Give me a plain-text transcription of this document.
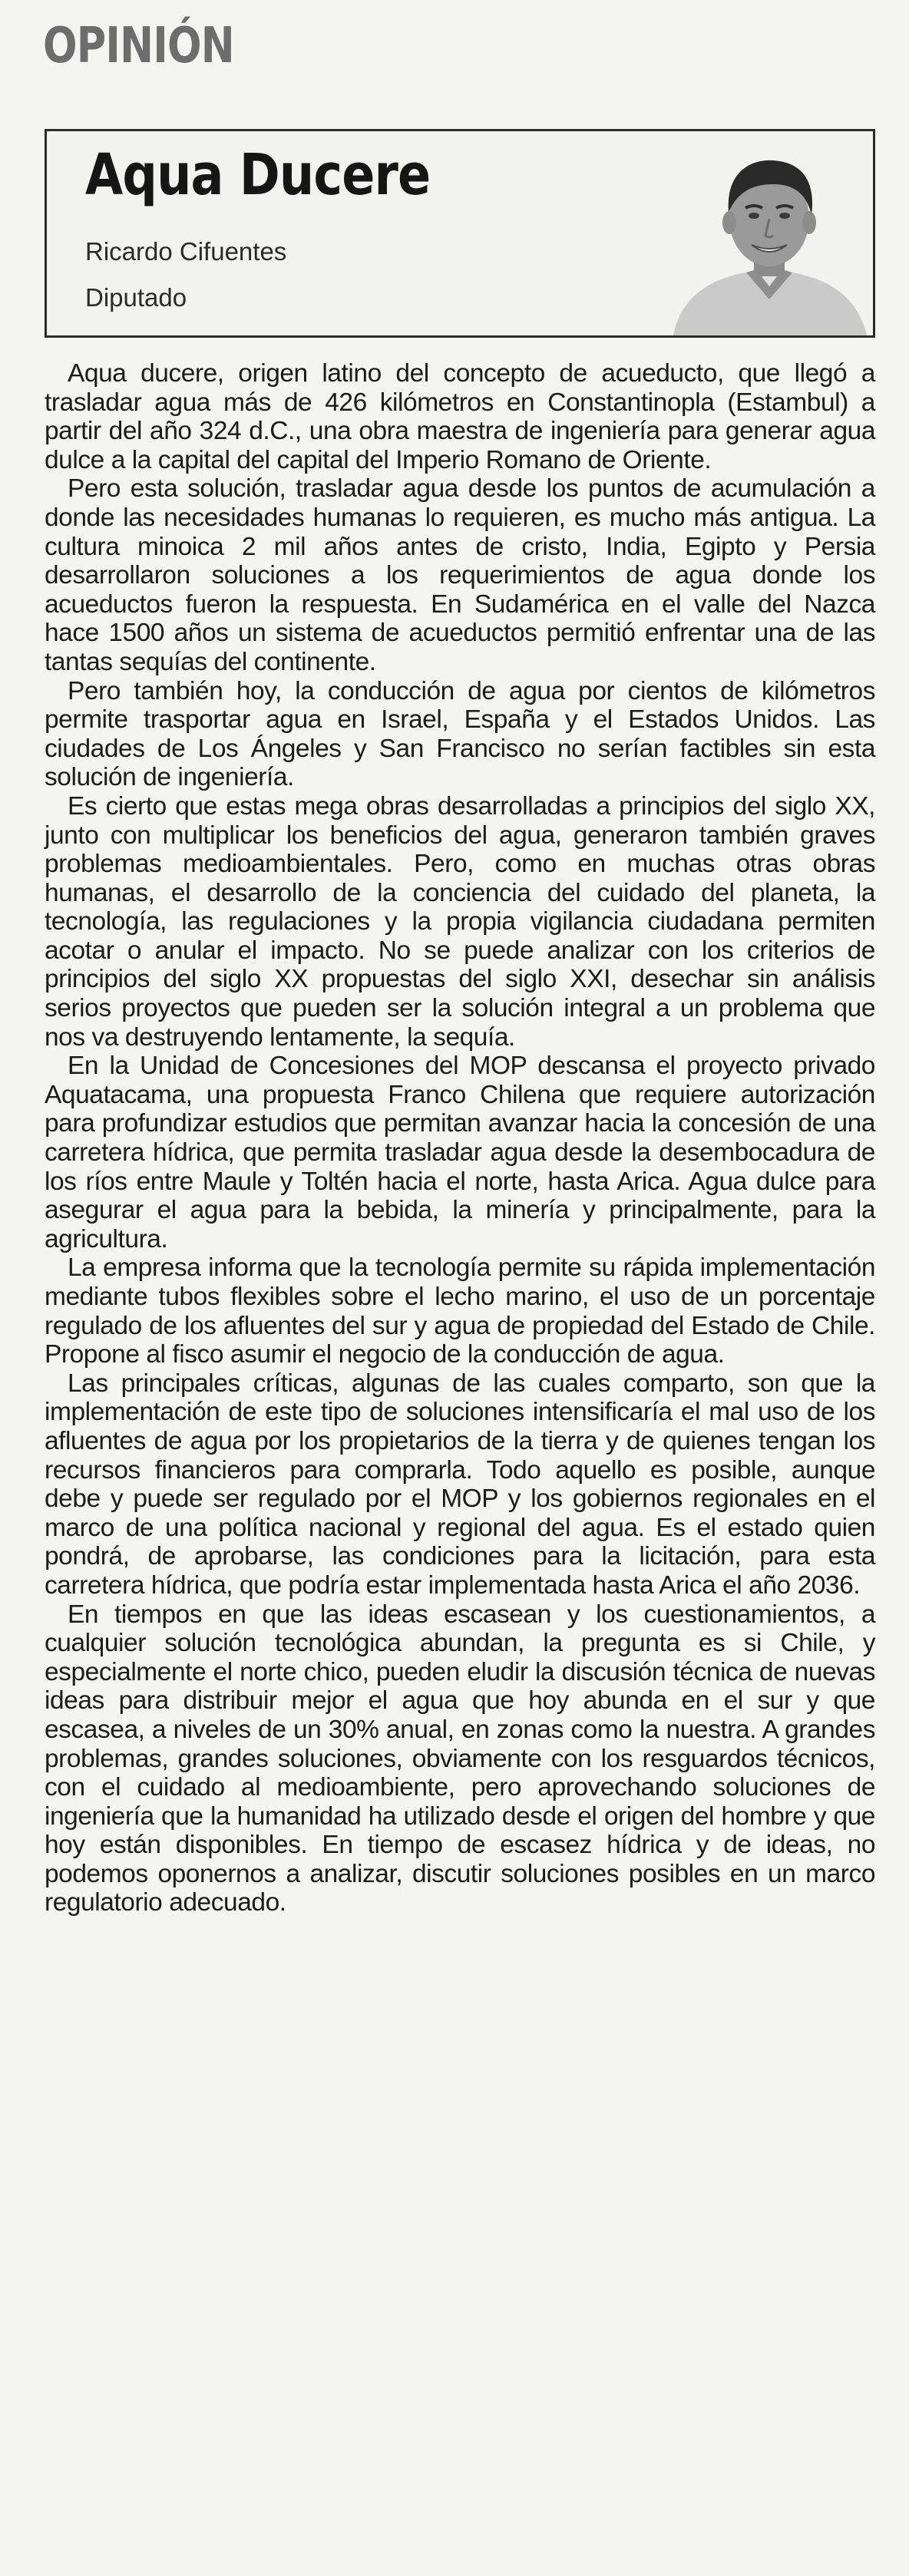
OPINIÓN
Aqua Ducere
Ricardo Cifuentes
Diputado

Aqua ducere, origen latino del concepto de acueducto, que llegó a trasladar agua más de 426 kilómetros en Constantinopla (Estambul) a partir del año 324 d.C., una obra maestra de ingeniería para generar agua dulce a la capital del capital del Imperio Romano de Oriente.

Pero esta solución, trasladar agua desde los puntos de acumulación a donde las necesidades humanas lo requieren, es mucho más antigua. La cultura minoica 2 mil años antes de cristo, India, Egipto y Persia desarrollaron soluciones a los requerimientos de agua donde los acueductos fueron la respuesta. En Sudamérica en el valle del Nazca hace 1500 años un sistema de acueductos permitió enfrentar una de las tantas sequías del continente.

Pero también hoy, la conducción de agua por cientos de kilómetros permite trasportar agua en Israel, España y el Estados Unidos. Las ciudades de Los Ángeles y San Francisco no serían factibles sin esta solución de ingeniería.

Es cierto que estas mega obras desarrolladas a principios del siglo XX, junto con multiplicar los beneficios del agua, generaron también graves problemas medioambientales. Pero, como en muchas otras obras humanas, el desarrollo de la conciencia del cuidado del planeta, la tecnología, las regulaciones y la propia vigilancia ciudadana permiten acotar o anular el impacto. No se puede analizar con los criterios de principios del siglo XX propuestas del siglo XXI, desechar sin análisis serios proyectos que pueden ser la solución integral a un problema que nos va destruyendo lentamente, la sequía.

En la Unidad de Concesiones del MOP descansa el proyecto privado Aquatacama, una propuesta Franco Chilena que requiere autorización para profundizar estudios que permitan avanzar hacia la concesión de una carretera hídrica, que permita trasladar agua desde la desembocadura de los ríos entre Maule y Toltén hacia el norte, hasta Arica. Agua dulce para asegurar el agua para la bebida, la minería y principalmente, para la agricultura.

La empresa informa que la tecnología permite su rápida implementación mediante tubos flexibles sobre el lecho marino, el uso de un porcentaje regulado de los afluentes del sur y agua de propiedad del Estado de Chile. Propone al fisco asumir el negocio de la conducción de agua.

Las principales críticas, algunas de las cuales comparto, son que la implementación de este tipo de soluciones intensificaría el mal uso de los afluentes de agua por los propietarios de la tierra y de quienes tengan los recursos financieros para comprarla. Todo aquello es posible, aunque debe y puede ser regulado por el MOP y los gobiernos regionales en el marco de una política nacional y regional del agua. Es el estado quien pondrá, de aprobarse, las condiciones para la licitación, para esta carretera hídrica, que podría estar implementada hasta Arica el año 2036.

En tiempos en que las ideas escasean y los cuestionamientos, a cualquier solución tecnológica abundan, la pregunta es si Chile, y especialmente el norte chico, pueden eludir la discusión técnica de nuevas ideas para distribuir mejor el agua que hoy abunda en el sur y que escasea, a niveles de un 30% anual, en zonas como la nuestra. A grandes problemas, grandes soluciones, obviamente con los resguardos técnicos, con el cuidado al medioambiente, pero aprovechando soluciones de ingeniería que la humanidad ha utilizado desde el origen del hombre y que hoy están disponibles. En tiempo de escasez hídrica y de ideas, no podemos oponernos a analizar, discutir soluciones posibles en un marco regulatorio adecuado.
